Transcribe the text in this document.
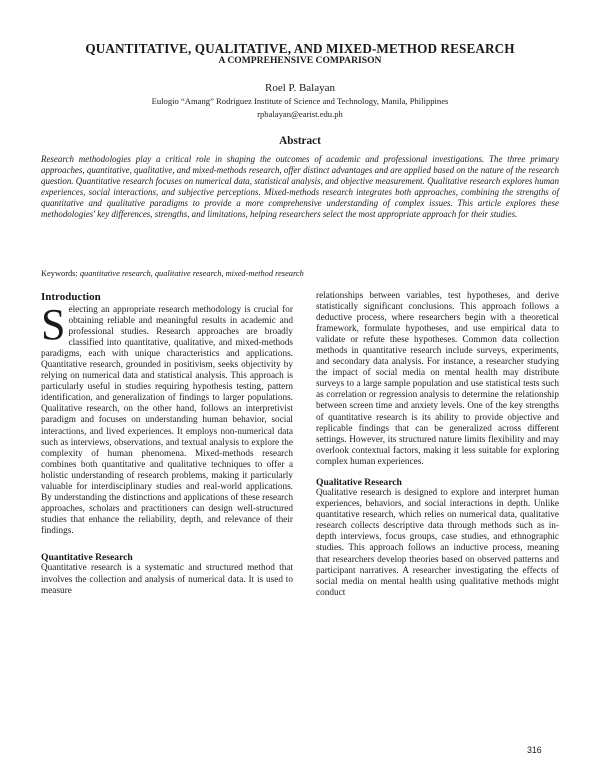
QUANTITATIVE, QUALITATIVE, AND MIXED-METHOD RESEARCH
A COMPREHENSIVE COMPARISON
Roel P. Balayan
Eulogio “Amang” Rodriguez Institute of Science and Technology, Manila, Philippines
rpbalayan@earist.edu.ph
Abstract
Research methodologies play a critical role in shaping the outcomes of academic and professional investigations. The three primary approaches, quantitative, qualitative, and mixed-methods research, offer distinct advantages and are applied based on the nature of the research question. Quantitative research focuses on numerical data, statistical analysis, and objective measurement. Qualitative research explores human experiences, social interactions, and subjective perceptions. Mixed-methods research integrates both approaches, combining the strengths of quantitative and qualitative paradigms to provide a more comprehensive understanding of complex issues. This article explores these methodologies' key differences, strengths, and limitations, helping researchers select the most appropriate approach for their studies.
Keywords: quantitative research, qualitative research, mixed-method research
Introduction

Selecting an appropriate research methodology is crucial for obtaining reliable and meaningful results in academic and professional studies. Research approaches are broadly classified into quantitative, qualitative, and mixed-methods paradigms, each with unique characteristics and applications. Quantitative research, grounded in positivism, seeks objectivity by relying on numerical data and statistical analysis. This approach is particularly useful in studies requiring hypothesis testing, pattern identification, and generalization of findings to larger populations. Qualitative research, on the other hand, follows an interpretivist paradigm and focuses on understanding human behavior, social interactions, and lived experiences. It employs non-numerical data such as interviews, observations, and textual analysis to explore the complexity of human phenomena. Mixed-methods research combines both quantitative and qualitative techniques to offer a holistic understanding of research problems, making it particularly valuable for interdisciplinary studies and real-world applications. By understanding the distinctions and applications of these research approaches, scholars and practitioners can design well-structured studies that enhance the reliability, depth, and relevance of their findings.

Quantitative Research

Quantitative research is a systematic and structured method that involves the collection and analysis of numerical data. It is used to measure

relationships between variables, test hypotheses, and derive statistically significant conclusions. This approach follows a deductive process, where researchers begin with a theoretical framework, formulate hypotheses, and use empirical data to validate or refute these hypotheses. Common data collection methods in quantitative research include surveys, experiments, and secondary data analysis. For instance, a researcher studying the impact of social media on mental health may distribute surveys to a large sample population and use statistical tests such as correlation or regression analysis to determine the relationship between screen time and anxiety levels. One of the key strengths of quantitative research is its ability to provide objective and replicable findings that can be generalized across different settings. However, its structured nature limits flexibility and may overlook contextual factors, making it less suitable for exploring complex human experiences.

Qualitative Research

Qualitative research is designed to explore and interpret human experiences, behaviors, and social interactions in depth. Unlike quantitative research, which relies on numerical data, qualitative research collects descriptive data through methods such as in-depth interviews, focus groups, case studies, and ethnographic studies. This approach follows an inductive process, meaning that researchers develop theories based on observed patterns and participant narratives. A researcher investigating the effects of social media on mental health using qualitative methods might conduct

316
